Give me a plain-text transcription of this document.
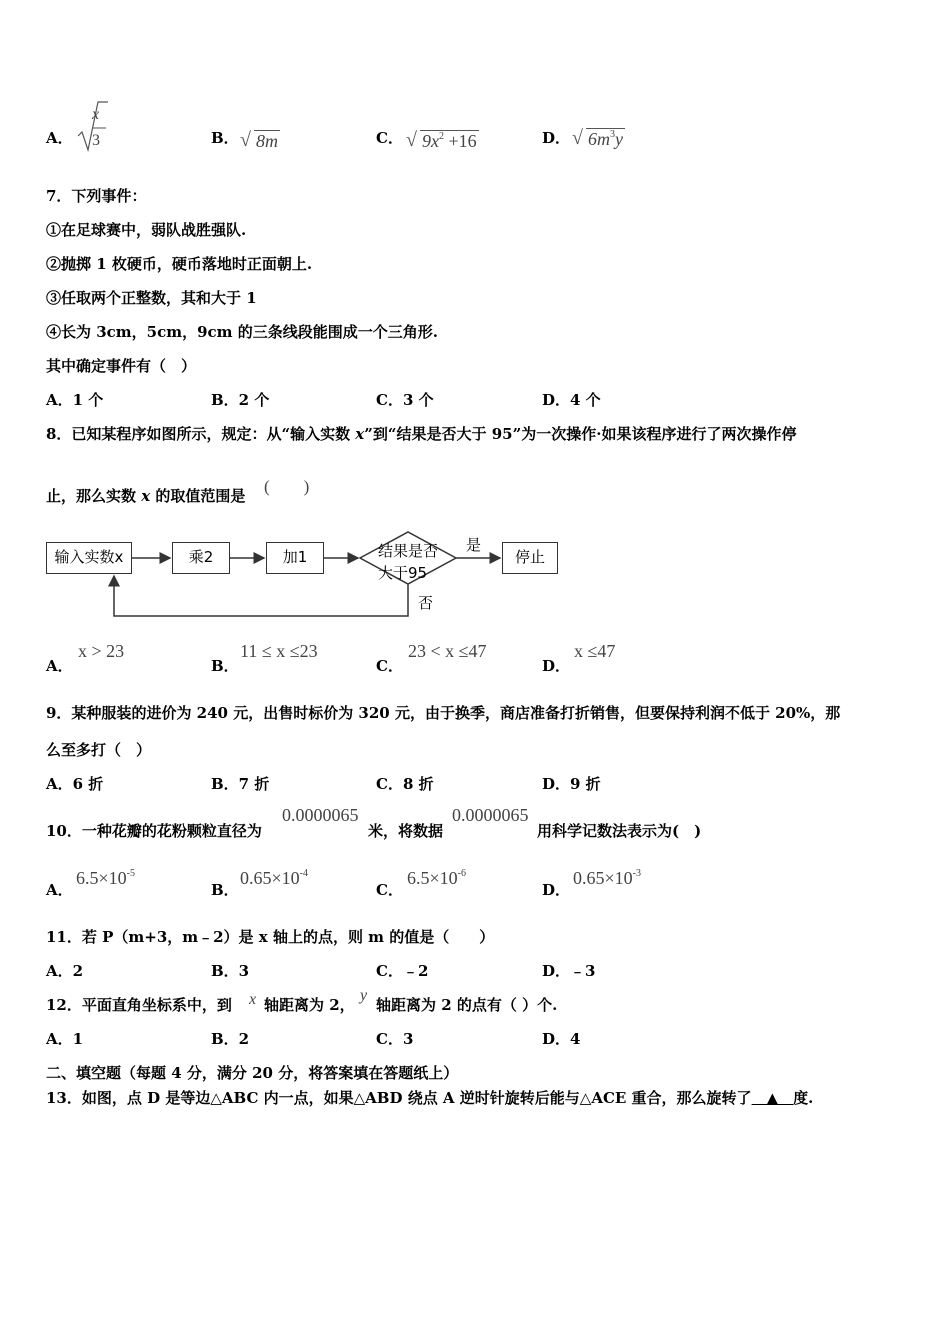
A．
x
3	B． √ 8m	C． √ $9x^2 +16$	D． √ $6m^3y$
7．下列事件：
①在足球赛中，弱队战胜强队.
②抛掷 1 枚硬币，硬币落地时正面朝上.
③任取两个正整数，其和大于 1
④长为 3cm，5cm，9cm 的三条线段能围成一个三角形.
其中确定事件有（　）
A．1 个	B．2 个	C．3 个	D．4 个
8．已知某程序如图所示，规定：从“输入实数 x”到“结果是否大于 95”为一次操作·如果该程序进行了两次操作停
止，那么实数 x 的取值范围是 (　　)
输入实数x	乘2	加1	结果是否
大于95
是
停止
否
A．
x > 23
B．
11 ≤ x ≤23
C．
23 < x ≤47
D．
x ≤47
9．某种服装的进价为 240 元，出售时标价为 320 元，由于换季，商店准备打折销售，但要保持利润不低于 20%，那
么至多打（　）
A．6 折	B．7 折	C．8 折	D．9 折
10．一种花瓣的花粉颗粒直径为
0.0000065
米，将数据
0.0000065
用科学记数法表示为(　)
A．
$6.5\times 10^{-5}$
B．
$0.65\times 10^{-4}$
C．
$6.5\times 10^{-6}$
D．
$0.65\times 10^{-3}$
11．若 P（m+3，m﹣2）是 x 轴上的点，则 m 的值是（　　）
A．2	B．3	C．﹣2	D．﹣3
12．平面直角坐标系中，到 x 轴距离为 2，
y
轴距离为 2 的点有（ ）个.
A．1	B．2	C．3	D．4
二、填空题（每题 4 分，满分 20 分，将答案填在答题纸上）
13．如图，点 D 是等边△ABC 内一点，如果△ABD 绕点 A 逆时针旋转后能与△ACE 重合，那么旋转了　▲　度.
